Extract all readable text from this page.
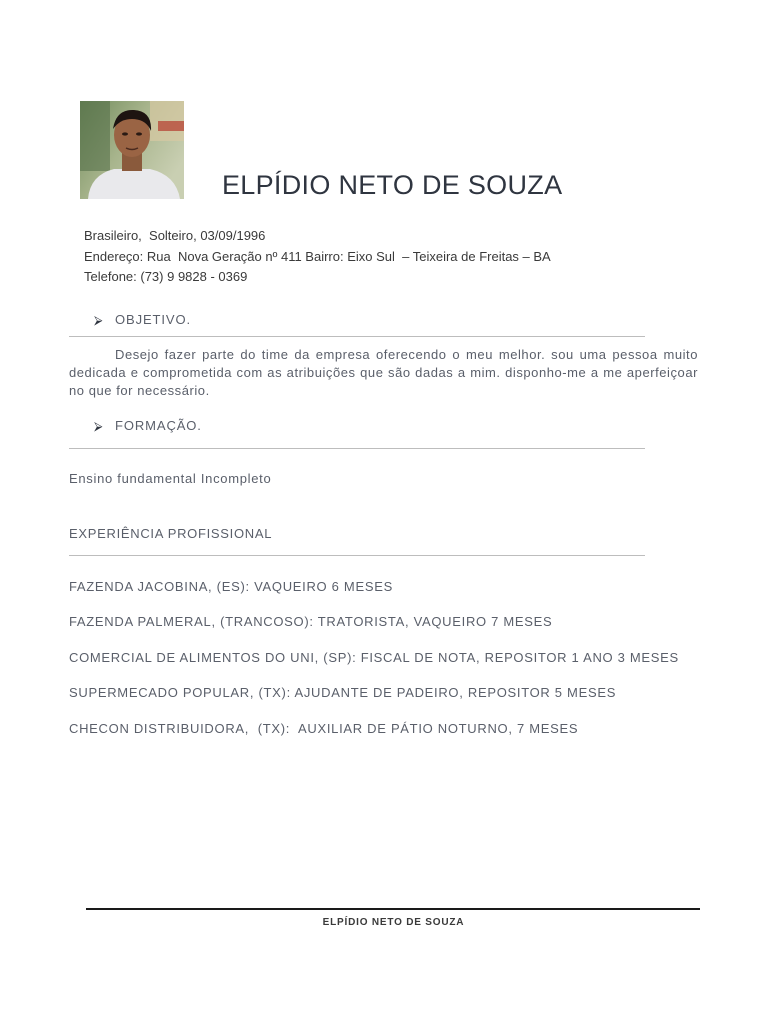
ELPÍDIO NETO DE SOUZA
Brasileiro,  Solteiro, 03/09/1996
Endereço: Rua  Nova Geração nº 411 Bairro: Eixo Sul  – Teixeira de Freitas – BA
Telefone: (73) 9 9828 - 0369
⮚ OBJETIVO.
Desejo fazer parte do time da empresa oferecendo o meu melhor. sou uma pessoa muito dedicada e comprometida com as atribuições que são dadas a mim. disponho-me a me aperfeiçoar no que for necessário.
⮚ FORMAÇÃO.
Ensino fundamental Incompleto
EXPERIÊNCIA PROFISSIONAL
FAZENDA JACOBINA, (ES): VAQUEIRO 6 MESES
FAZENDA PALMERAL, (TRANCOSO): TRATORISTA, VAQUEIRO 7 MESES
COMERCIAL DE ALIMENTOS DO UNI, (SP): FISCAL DE NOTA, REPOSITOR 1 ANO 3 MESES
SUPERMECADO POPULAR, (TX): AJUDANTE DE PADEIRO, REPOSITOR 5 MESES
CHECON DISTRIBUIDORA,  (TX):  AUXILIAR DE PÁTIO NOTURNO, 7 MESES
ELPÍDIO NETO DE SOUZA
